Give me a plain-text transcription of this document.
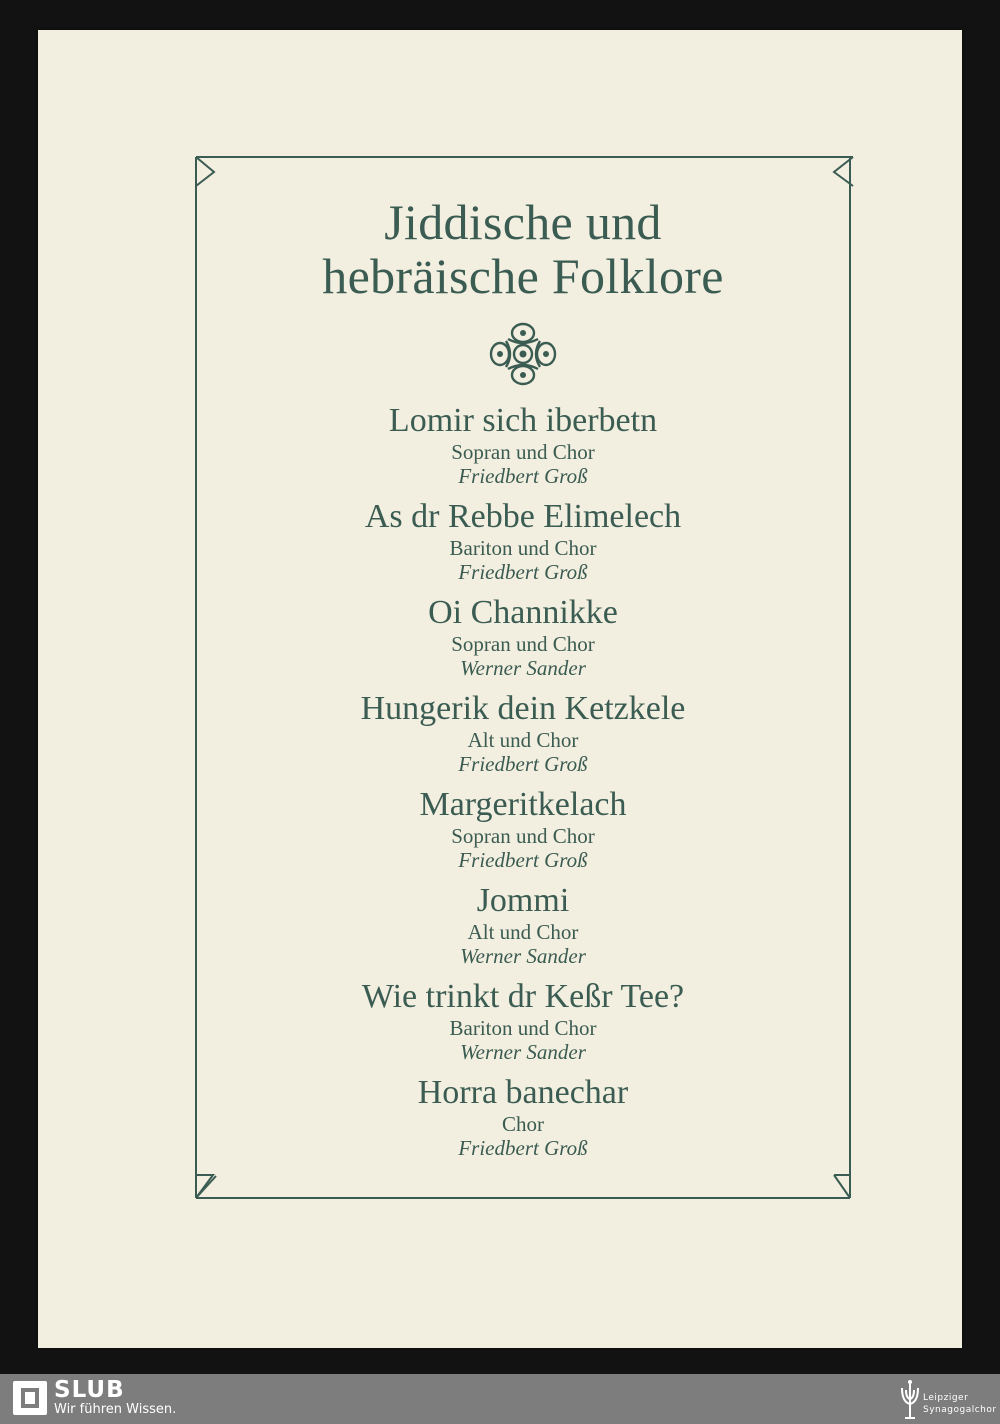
Jiddische und
hebräische Folklore
Lomir sich iberbetn
Sopran und Chor
Friedbert Groß
As dr Rebbe Elimelech
Bariton und Chor
Friedbert Groß
Oi Channikke
Sopran und Chor
Werner Sander
Hungerik dein Ketzkele
Alt und Chor
Friedbert Groß
Margeritkelach
Sopran und Chor
Friedbert Groß
Jommi
Alt und Chor
Werner Sander
Wie trinkt dr Keßr Tee?
Bariton und Chor
Werner Sander
Horra banechar
Chor
Friedbert Groß
SLUB
Wir führen Wissen.
Leipziger
Synagogalchor
